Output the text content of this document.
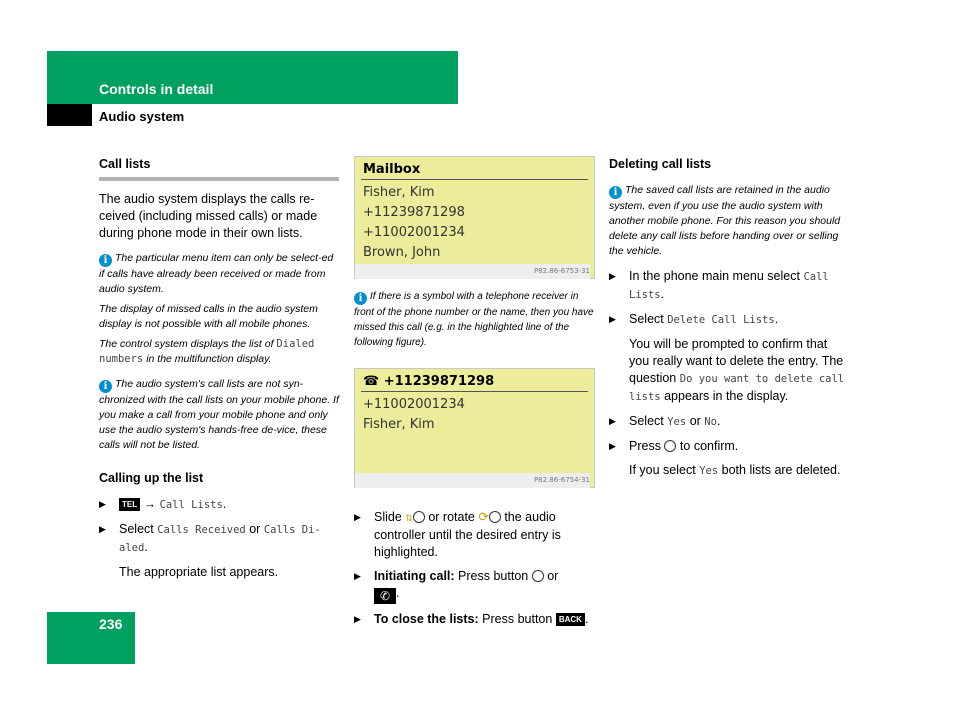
Controls in detail
Audio system

Call lists

The audio system displays the calls re-ceived (including missed calls) or made during phone mode in their own lists.

i The particular menu item can only be select-ed if calls have already been received or made from audio system.

The display of missed calls in the audio system display is not possible with all mobile phones.

The control system displays the list of Dialed numbers in the multifunction display.

i The audio system's call lists are not syn-chronized with the call lists on your mobile phone. If you make a call from your mobile phone and only use the audio system's hands-free de-vice, these calls will not be listed.

Calling up the list

▶ TEL → Call Lists.
▶ Select Calls Received or Calls Di-aled.

The appropriate list appears.

Mailbox
Fisher, Kim
+11239871298
+11002001234
Brown, John
P82.86-6753-31

i If there is a symbol with a telephone receiver in front of the phone number or the name, then you have missed this call (e.g. in the highlighted line of the following figure).

☎ +11239871298
+11002001234
Fisher, Kim
P82.86-6754-31
▶ Slide ⇅ or rotate ⟳ the audio controller until the desired entry is highlighted.
▶ Initiating call: Press button or
✆ .
▶ To close the lists: Press button BACK .

Deleting call lists

i The saved call lists are retained in the audio system, even if you use the audio system with another mobile phone. For this reason you should delete any call lists before handing over or selling the vehicle.

▶ In the phone main menu select Call Lists.
▶ Select Delete Call Lists.

You will be prompted to confirm that you really want to delete the entry. The question Do you want to delete call lists appears in the display.

▶ Select Yes or No.
▶ Press to confirm.

If you select Yes both lists are deleted.

236
